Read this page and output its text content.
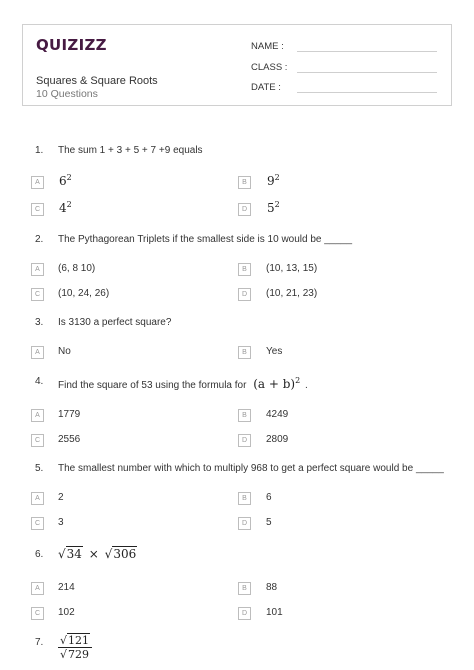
QUIZIZZ
Squares & Square Roots
10 Questions
NAME :
CLASS :
DATE :
1. The sum 1 + 3 + 5 + 7 +9 equals
A	$6^2$
B	$9^2$
C	$4^2$
D	$5^2$
2. The Pythagorean Triplets if the smallest side is 10 would be _____
A	(6, 8 10)	B	(10, 13, 15)
C	(10, 24, 26)	D	(10, 21, 23)
3. Is 3130 a perfect square?
A	No	B	Yes
4. Find the square of 53 using the formula for $(a + b)^2$ .
A	1779	B	4249
C	2556	D	2809
5. The smallest number with which to multiply 968 to get a perfect square would be _____
A	2	B	6
C	3	D	5
6. √34 × √306
A	214	B	88
C	102	D	101
7. $\frac{√121}{√729}$
